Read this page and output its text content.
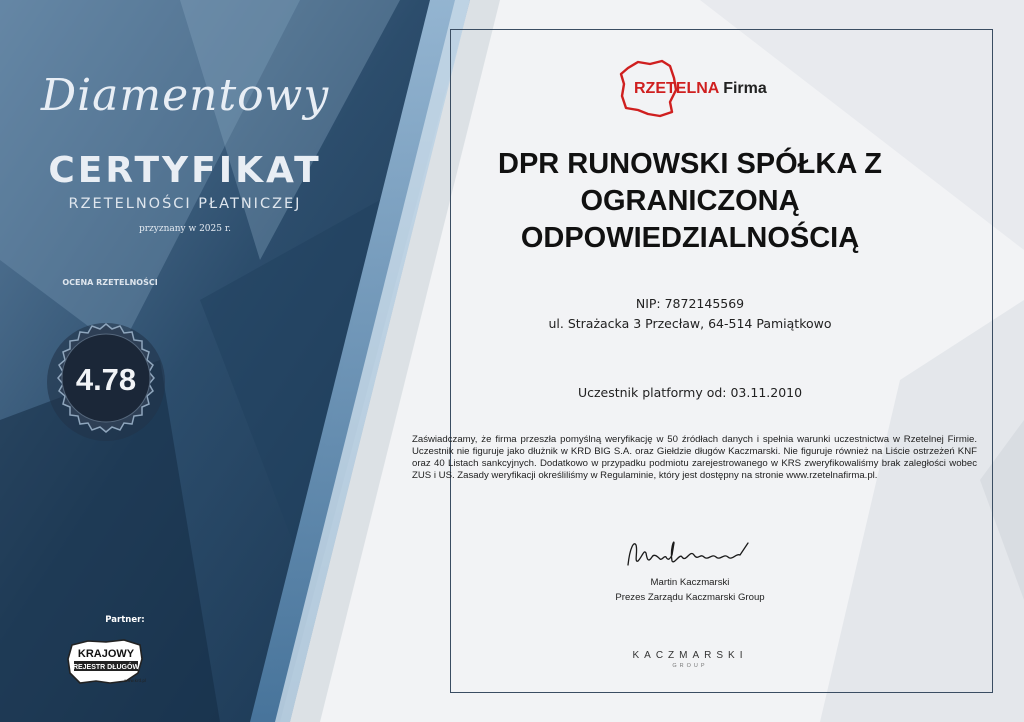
Diamentowy
CERTYFIKAT
RZETELNOŚCI PŁATNICZEJ
przyznany w 2025 r.
OCENA RZETELNOŚCI
4.78
Partner:
KRAJOWY
REJESTR DŁUGÓW
www.krd.pl
RZETELNA Firma
DPR RUNOWSKI SPÓŁKA Z OGRANICZONĄ ODPOWIEDZIALNOŚCIĄ
NIP: 7872145569
ul. Strażacka 3 Przecław, 64-514 Pamiątkowo
Uczestnik platformy od: 03.11.2010
Zaświadczamy, że firma przeszła pomyślną weryfikację w 50 źródłach danych i spełnia warunki uczestnictwa w Rzetelnej Firmie. Uczestnik nie figuruje jako dłużnik w KRD BIG S.A. oraz Giełdzie długów Kaczmarski. Nie figuruje również na Liście ostrzeżeń KNF oraz 40 Listach sankcyjnych. Dodatkowo w przypadku podmiotu zarejestrowanego w KRS zweryfikowaliśmy brak zaległości wobec ZUS i US. Zasady weryfikacji określiliśmy w Regulaminie, który jest dostępny na stronie www.rzetelnafirma.pl.
Martin Kaczmarski
Prezes Zarządu Kaczmarski Group
KACZMARSKI
GROUP
